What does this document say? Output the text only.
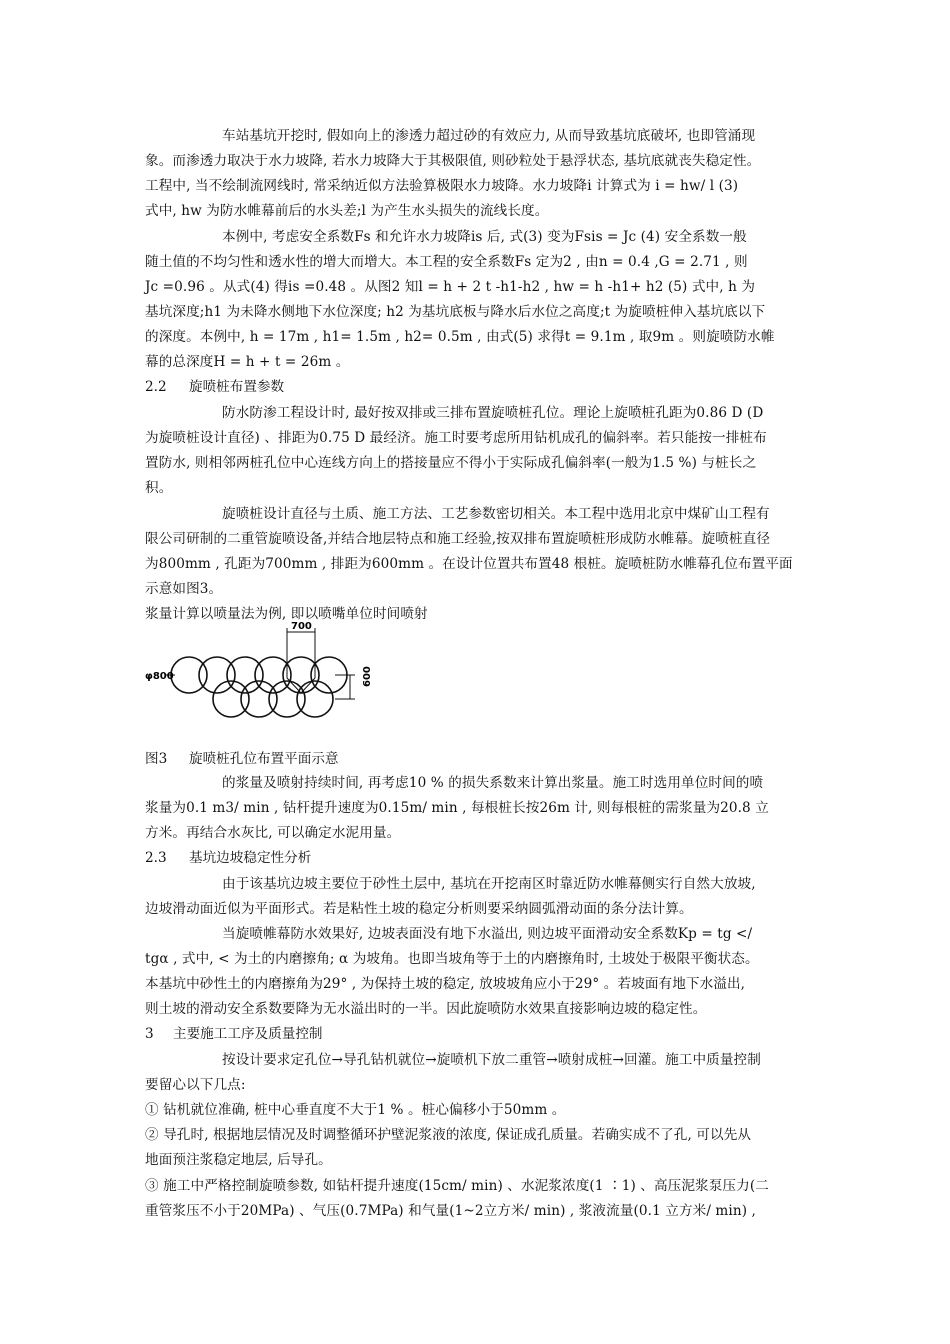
车站基坑开挖时, 假如向上的渗透力超过砂的有效应力, 从而导致基坑底破坏, 也即管涌现
象。而渗透力取决于水力坡降, 若水力坡降大于其极限值, 则砂粒处于悬浮状态, 基坑底就丧失稳定性。
工程中, 当不绘制流网线时, 常采纳近似方法验算极限水力坡降。水力坡降i 计算式为 i = hw/ l (3)
式中, hw 为防水帷幕前后的水头差;l 为产生水头损失的流线长度。
本例中, 考虑安全系数Fs 和允许水力坡降is 后, 式(3) 变为Fsis = Jc (4) 安全系数一般
随土值的不均匀性和透水性的增大而增大。本工程的安全系数Fs 定为2 , 由n = 0.4 ,G = 2.71 , 则
Jc =0.96 。从式(4) 得is =0.48 。从图2 知l = h + 2 t -h1-h2 , hw = h -h1+ h2 (5) 式中, h 为
基坑深度;h1 为未降水侧地下水位深度; h2 为基坑底板与降水后水位之高度;t 为旋喷桩伸入基坑底以下
的深度。本例中, h = 17m , h1= 1.5m , h2= 0.5m , 由式(5) 求得t = 9.1m , 取9m 。则旋喷防水帷
幕的总深度H = h + t = 26m 。
2.2 旋喷桩布置参数
防水防渗工程设计时, 最好按双排或三排布置旋喷桩孔位。理论上旋喷桩孔距为0.86 D (D
为旋喷桩设计直径) 、排距为0.75 D 最经济。施工时要考虑所用钻机成孔的偏斜率。若只能按一排桩布
置防水, 则相邻两桩孔位中心连线方向上的搭接量应不得小于实际成孔偏斜率(一般为1.5 %) 与桩长之
积。
旋喷桩设计直径与土质、施工方法、工艺参数密切相关。本工程中选用北京中煤矿山工程有
限公司研制的二重管旋喷设备,并结合地层特点和施工经验,按双排布置旋喷桩形成防水帷幕。旋喷桩直径
为800mm , 孔距为700mm , 排距为600mm 。在设计位置共布置48 根桩。旋喷桩防水帷幕孔位布置平面
示意如图3。
浆量计算以喷量法为例, 即以喷嘴单位时间喷射
700
φ800	600
图3 旋喷桩孔位布置平面示意
的浆量及喷射持续时间, 再考虑10 % 的损失系数来计算出浆量。施工时选用单位时间的喷
浆量为0.1 m3/ min , 钻杆提升速度为0.15m/ min , 每根桩长按26m 计, 则每根桩的需浆量为20.8 立
方米。再结合水灰比, 可以确定水泥用量。
2.3 基坑边坡稳定性分析
由于该基坑边坡主要位于砂性土层中, 基坑在开挖南区时靠近防水帷幕侧实行自然大放坡,
边坡滑动面近似为平面形式。若是粘性土坡的稳定分析则要采纳圆弧滑动面的条分法计算。
当旋喷帷幕防水效果好, 边坡表面没有地下水溢出, 则边坡平面滑动安全系数Kp = tg </
tgα , 式中, < 为土的内磨擦角; α 为坡角。也即当坡角等于土的内磨擦角时, 土坡处于极限平衡状态。
本基坑中砂性土的内磨擦角为29° , 为保持土坡的稳定, 放坡坡角应小于29° 。若坡面有地下水溢出,
则土坡的滑动安全系数要降为无水溢出时的一半。因此旋喷防水效果直接影响边坡的稳定性。
3 主要施工工序及质量控制
按设计要求定孔位→导孔钻机就位→旋喷机下放二重管→喷射成桩→回灌。施工中质量控制
要留心以下几点:
① 钻机就位准确, 桩中心垂直度不大于1 % 。桩心偏移小于50mm 。
② 导孔时, 根据地层情况及时调整循环护壁泥浆液的浓度, 保证成孔质量。若确实成不了孔, 可以先从
地面预注浆稳定地层, 后导孔。
③ 施工中严格控制旋喷参数, 如钻杆提升速度(15cm/ min) 、水泥浆浓度(1 ∶1) 、高压泥浆泵压力(二
重管浆压不小于20MPa) 、气压(0.7MPa) 和气量(1~2立方米/ min) , 浆液流量(0.1 立方米/ min) ,
